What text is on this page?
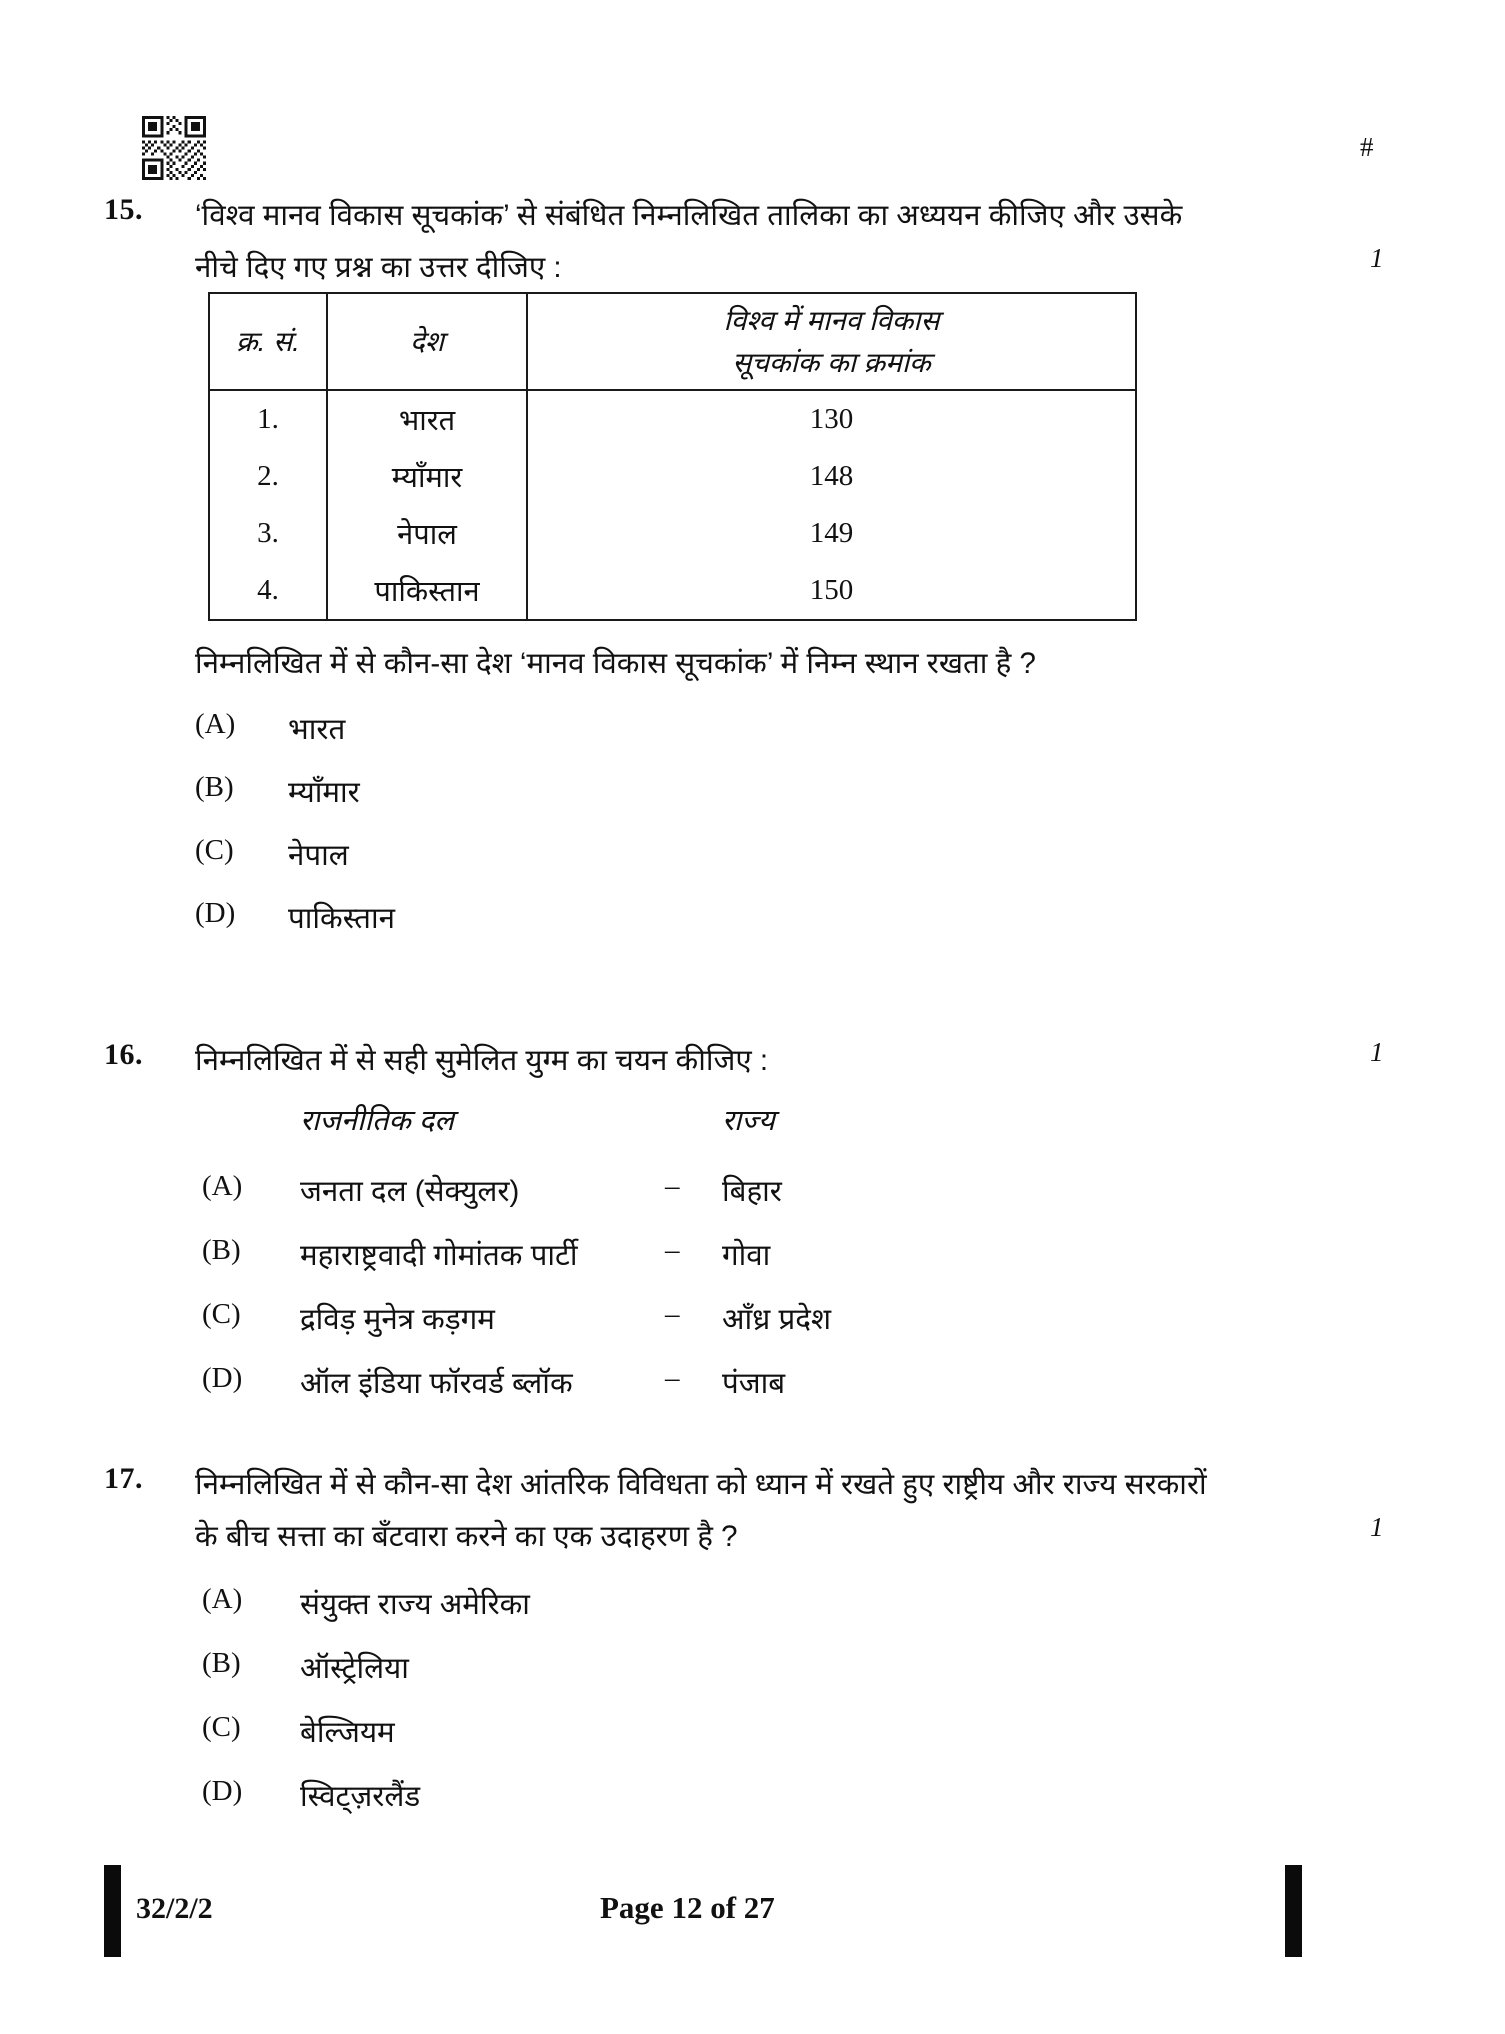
#
15. ‘विश्व मानव विकास सूचकांक’ से संबंधित निम्नलिखित तालिका का अध्ययन कीजिए और उसके
नीचे दिए गए प्रश्न का उत्तर दीजिए :	1
क्र. सं.	देश	विश्व में मानव विकास
सूचकांक का क्रमांक

1.	भारत	130
2.	म्याँमार	148
3.	नेपाल	149
4.	पाकिस्तान	150
निम्नलिखित में से कौन-सा देश ‘मानव विकास सूचकांक’ में निम्न स्थान रखता है ?
(A) भारत
(B) म्याँमार
(C) नेपाल
(D) पाकिस्तान
16. निम्नलिखित में से सही सुमेलित युग्म का चयन कीजिए :	1
राजनीतिक दल	राज्य
(A) जनता दल (सेक्युलर)	– बिहार
(B) महाराष्ट्रवादी गोमांतक पार्टी	– गोवा
(C) द्रविड़ मुनेत्र कड़गम	– आँध्र प्रदेश
(D) ऑल इंडिया फॉरवर्ड ब्लॉक	– पंजाब
17. निम्नलिखित में से कौन-सा देश आंतरिक विविधता को ध्यान में रखते हुए राष्ट्रीय और राज्य सरकारों
के बीच सत्ता का बँटवारा करने का एक उदाहरण है ?	1
(A) संयुक्त राज्य अमेरिका
(B) ऑस्ट्रेलिया
(C) बेल्जियम
(D) स्विट्ज़रलैंड
32/2/2	Page 12 of 27
